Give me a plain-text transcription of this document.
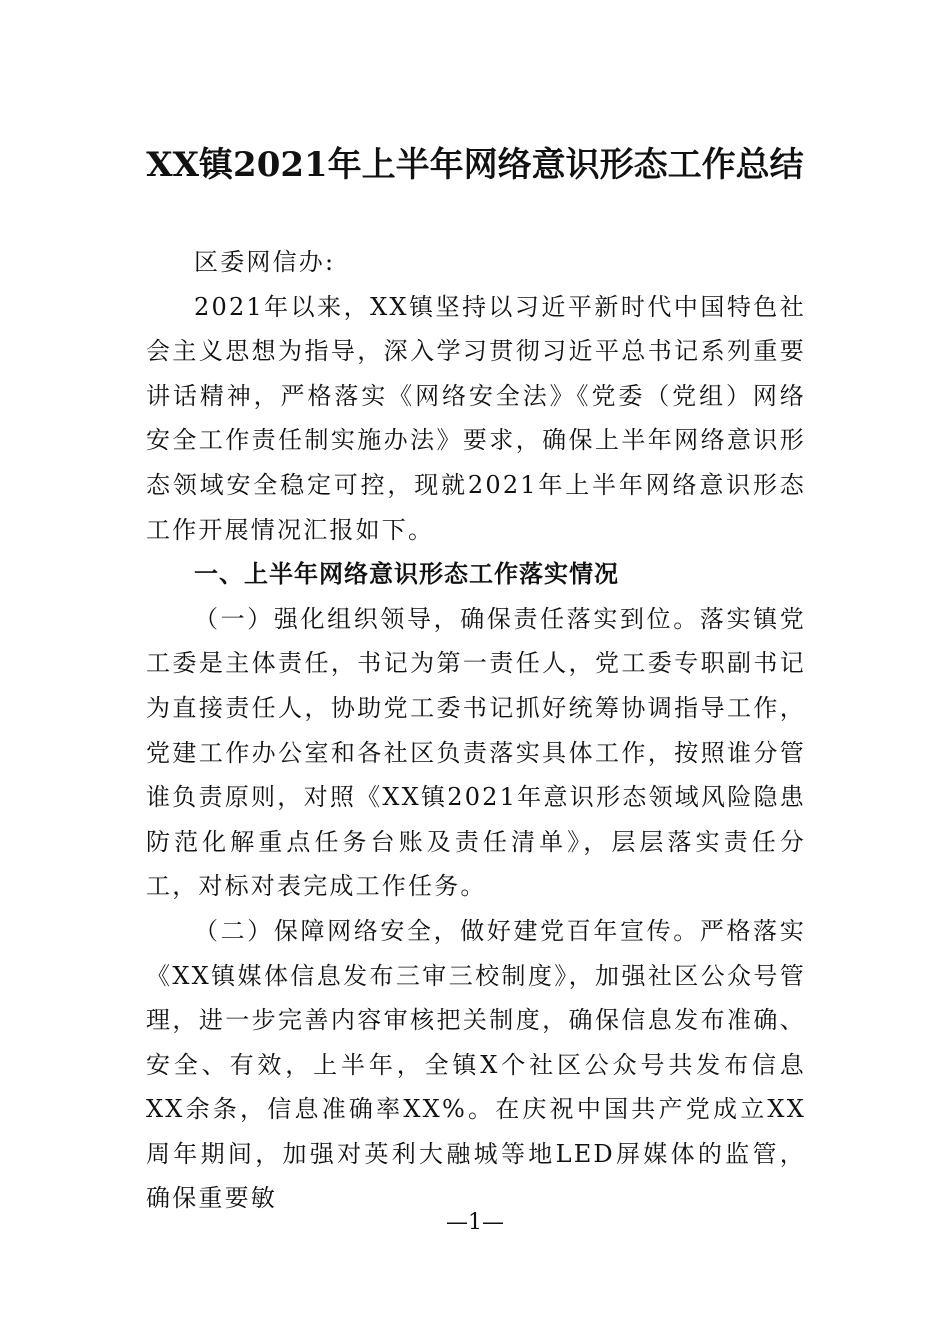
XX镇2021年上半年网络意识形态工作总结

区委网信办:

2021年以来，XX镇坚持以习近平新时代中国特色社会主义思想为指导，深入学习贯彻习近平总书记系列重要讲话精神，严格落实《网络安全法》《党委（党组）网络安全工作责任制实施办法》要求，确保上半年网络意识形态领域安全稳定可控，现就2021年上半年网络意识形态工作开展情况汇报如下。

一、上半年网络意识形态工作落实情况

（一）强化组织领导，确保责任落实到位。落实镇党工委是主体责任，书记为第一责任人，党工委专职副书记为直接责任人，协助党工委书记抓好统筹协调指导工作，党建工作办公室和各社区负责落实具体工作，按照谁分管谁负责原则，对照《XX镇2021年意识形态领域风险隐患防范化解重点任务台账及责任清单》，层层落实责任分工，对标对表完成工作任务。

（二）保障网络安全，做好建党百年宣传。严格落实《XX镇媒体信息发布三审三校制度》，加强社区公众号管理，进一步完善内容审核把关制度，确保信息发布准确、安全、有效，上半年，全镇X个社区公众号共发布信息XX余条，信息准确率XX%。在庆祝中国共产党成立XX周年期间，加强对英利大融城等地LED屏媒体的监管，确保重要敏

—1—
